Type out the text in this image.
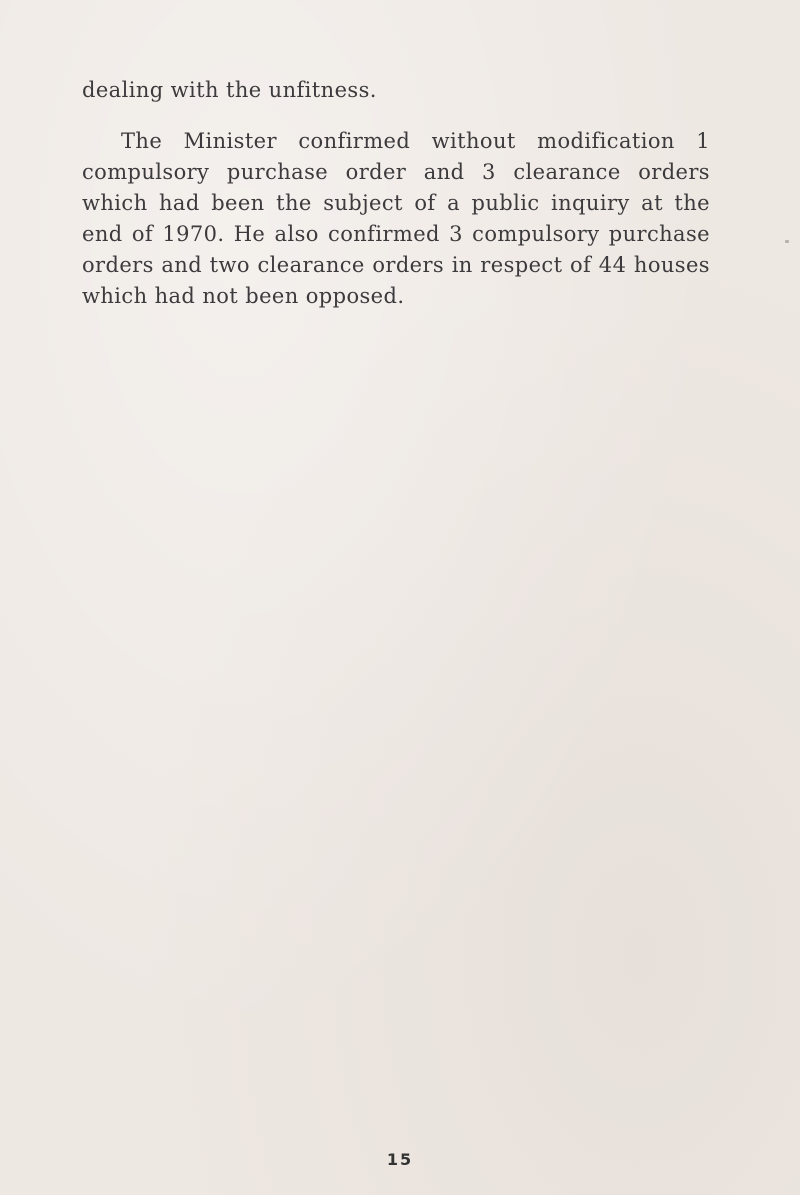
dealing with the unfitness.
The Minister confirmed without modification 1 compulsory purchase order and 3 clearance orders which had been the subject of a public inquiry at the end of 1970. He also confirmed 3 compulsory purchase orders and two clearance orders in respect of 44 houses which had not been opposed.
15
